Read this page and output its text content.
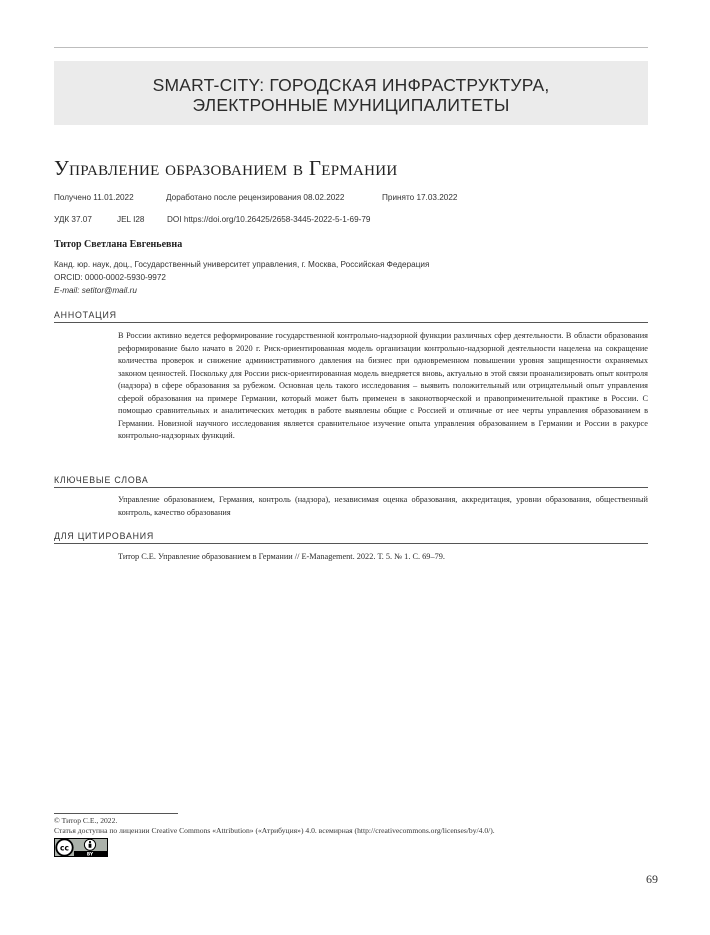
SMART-CITY: ГОРОДСКАЯ ИНФРАСТРУКТУРА,
ЭЛЕКТРОННЫЕ МУНИЦИПАЛИТЕТЫ
Управление образованием в Германии
Получено 11.01.2022	Доработано после рецензирования 08.02.2022	Принято 17.03.2022
УДК 37.07	JEL I28	DOI https://doi.org/10.26425/2658-3445-2022-5-1-69-79
Титор Светлана Евгеньевна
Канд. юр. наук, доц., Государственный университет управления, г. Москва, Российская Федерация
ORCID: 0000-0002-5930-9972
E-mail: setitor@mail.ru
АННОТАЦИЯ
В России активно ведется реформирование государственной контрольно-надзорной функции различных сфер деятельности. В области образования реформирование было начато в 2020 г. Риск-ориентированная модель организации контрольно-надзорной деятельности нацелена на сокращение количества проверок и снижение административного давления на бизнес при одновременном повышении уровня защищенности охраняемых законом ценностей. Поскольку для России риск-ориентированная модель внедряется вновь, актуально в этой связи проанализировать опыт контроля (надзора) в сфере образования за рубежом. Основная цель такого исследования – выявить положительный или отрицательный опыт управления сферой образования на примере Германии, который может быть применен в законотворческой и правоприменительной практике в России. С помощью сравнительных и аналитических методик в работе выявлены общие с Россией и отличные от нее черты управления образованием в Германии. Новизной научного исследования является сравнительное изучение опыта управления образованием в Германии и России в ракурсе контрольно-надзорных функций.
КЛЮЧЕВЫЕ СЛОВА
Управление образованием, Германия, контроль (надзора), независимая оценка образования, аккредитация, уровни образования, общественный контроль, качество образования
ДЛЯ ЦИТИРОВАНИЯ
Титор С.Е. Управление образованием в Германии // E-Management. 2022. Т. 5. № 1. С. 69–79.
© Титор С.Е., 2022.
Статья доступна по лицензии Creative Commons «Attribution» («Атрибуция») 4.0. всемирная (http://creativecommons.org/licenses/by/4.0/).
cc
BY
69
